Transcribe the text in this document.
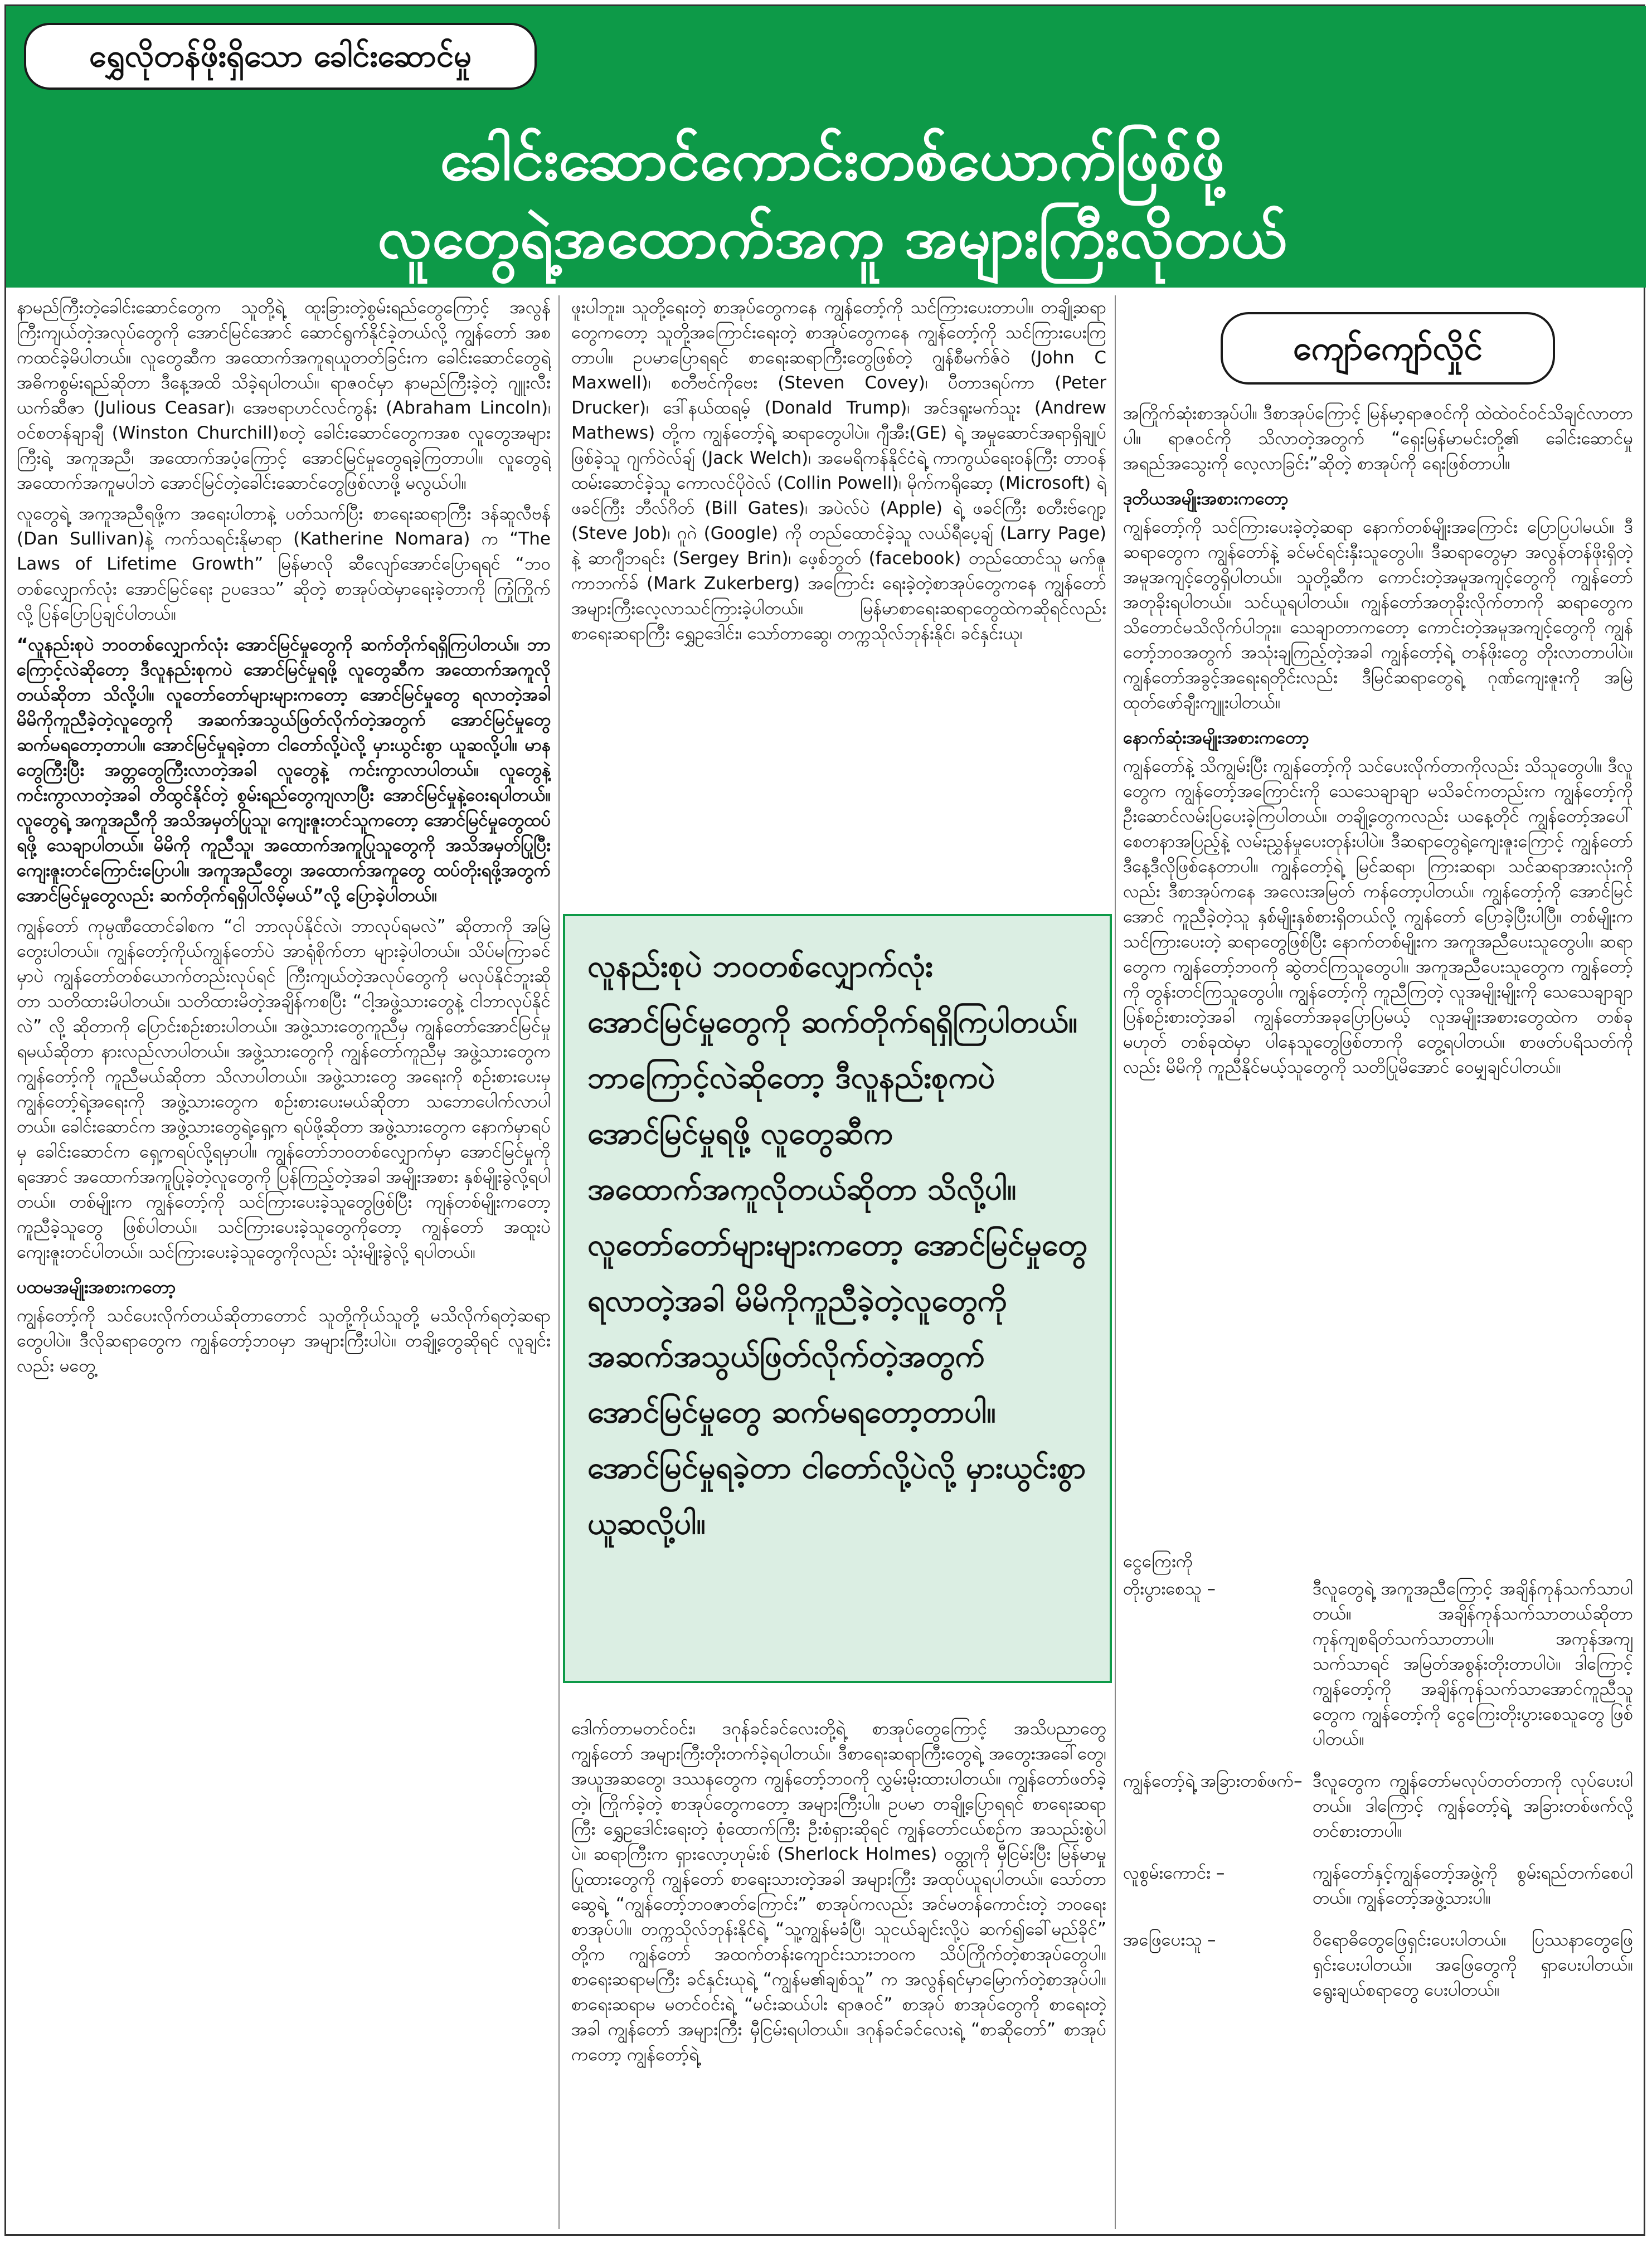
ရွှေလိုတန်ဖိုးရှိသော ခေါင်းဆောင်မှု
ခေါင်းဆောင်ကောင်းတစ်ယောက်ဖြစ်ဖို့
လူတွေရဲ့အထောက်အကူ အများကြီးလိုတယ်

နာမည်ကြီးတဲ့ခေါင်းဆောင်တွေက သူတို့ရဲ့ ထူးခြားတဲ့စွမ်းရည်တွေကြောင့် အလွန်ကြီးကျယ်တဲ့အလုပ်တွေကို အောင်မြင်အောင် ဆောင်ရွက်နိုင်ခဲ့တယ်လို့ ကျွန်တော် အစကထင်ခဲ့မိပါတယ်။ လူတွေဆီက အထောက်အကူရယူတတ်ခြင်းက ခေါင်းဆောင်တွေရဲ့ အဓိကစွမ်းရည်ဆိုတာ ဒီနေ့အထိ သိခဲ့ရပါတယ်။ ရာဇဝင်မှာ နာမည်ကြီးခဲ့တဲ့ ဂျူးလီးယက်ဆီဇာ (Julious Ceasar)၊ အေဗရာဟင်လင်ကွန်း (Abraham Lincoln)၊ ဝင်စတန်ချာချီ (Winston Churchill)စတဲ့ ခေါင်းဆောင်တွေကအစ လူတွေအများကြီးရဲ့ အကူအညီ၊ အထောက်အပံ့ကြောင့် အောင်မြင်မှုတွေရခဲ့ကြတာပါ။ လူတွေရဲ့ အထောက်အကူမပါဘဲ အောင်မြင်တဲ့ခေါင်းဆောင်တွေဖြစ်လာဖို့ မလွယ်ပါ။

လူတွေရဲ့ အကူအညီရဖို့က အရေးပါတာနဲ့ ပတ်သက်ပြီး စာရေးဆရာကြီး ဒန်ဆူလီဗန် (Dan Sullivan)နဲ့ ကက်သရင်းနိုမာရာ (Katherine Nomara) က “The Laws of Lifetime Growth” မြန်မာလို ဆီလျော်အောင်ပြောရရင် “ဘဝတစ်လျှောက်လုံး အောင်မြင်ရေး ဥပဒေသ” ဆိုတဲ့ စာအုပ်ထဲမှာရေးခဲ့တာကို ကြုံကြိုက်လို့ ပြန်ပြောပြချင်ပါတယ်။

“လူနည်းစုပဲ ဘဝတစ်လျှောက်လုံး အောင်မြင်မှုတွေကို ဆက်တိုက်ရရှိကြပါတယ်။ ဘာကြောင့်လဲဆိုတော့ ဒီလူနည်းစုကပဲ အောင်မြင်မှုရဖို့ လူတွေဆီက အထောက်အကူလိုတယ်ဆိုတာ သိလို့ပါ။ လူတော်တော်များများကတော့ အောင်မြင်မှုတွေ ရလာတဲ့အခါ မိမိကိုကူညီခဲ့တဲ့လူတွေကို အဆက်အသွယ်ဖြတ်လိုက်တဲ့အတွက် အောင်မြင်မှုတွေ ဆက်မရတော့တာပါ။ အောင်မြင်မှုရခဲ့တာ ငါတော်လို့ပဲလို့ မှားယွင်းစွာ ယူဆလို့ပါ။ မာနတွေကြီးပြီး အတ္တတွေကြီးလာတဲ့အခါ လူတွေနဲ့ ကင်းကွာလာပါတယ်။ လူတွေနဲ့ ကင်းကွာလာတဲ့အခါ တိထွင်နိုင်တဲ့ စွမ်းရည်တွေကျလာပြီး အောင်မြင်မှုနဲ့ဝေးရပါတယ်။ လူတွေရဲ့ အကူအညီကို အသိအမှတ်ပြုသူ၊ ကျေးဇူးတင်သူကတော့ အောင်မြင်မှုတွေထပ်ရဖို့ သေချာပါတယ်။ မိမိကို ကူညီသူ၊ အထောက်အကူပြုသူတွေကို အသိအမှတ်ပြုပြီး ကျေးဇူးတင်ကြောင်းပြောပါ။ အကူအညီတွေ၊ အထောက်အကူတွေ ထပ်တိုးရဖို့အတွက် အောင်မြင်မှုတွေလည်း ဆက်တိုက်ရရှိပါလိမ့်မယ်”လို့ ပြောခဲ့ပါတယ်။

ကျွန်တော် ကုမ္ပဏီထောင်ခါစက “ငါ ဘာလုပ်နိုင်လဲ၊ ဘာလုပ်ရမလဲ” ဆိုတာကို အမြဲတွေးပါတယ်။ ကျွန်တော့်ကိုယ်ကျွန်တော်ပဲ အာရုံစိုက်တာ များခဲ့ပါတယ်။ သိပ်မကြာခင်မှာပဲ ကျွန်တော်တစ်ယောက်တည်းလုပ်ရင် ကြီးကျယ်တဲ့အလုပ်တွေကို မလုပ်နိုင်ဘူးဆိုတာ သတိထားမိပါတယ်။ သတိထားမိတဲ့အချိန်ကစပြီး “ငါ့အဖွဲ့သားတွေနဲ့ ငါဘာလုပ်နိုင်လဲ” လို့ ဆိုတာကို ပြောင်းစဉ်းစားပါတယ်။ အဖွဲ့သားတွေကူညီမှ ကျွန်တော်အောင်မြင်မှုရမယ်ဆိုတာ နားလည်လာပါတယ်။ အဖွဲ့သားတွေကို ကျွန်တော်ကူညီမှ အဖွဲ့သားတွေက ကျွန်တော့်ကို ကူညီမယ်ဆိုတာ သိလာပါတယ်။ အဖွဲ့သားတွေ အရေးကို စဉ်းစားပေးမှ ကျွန်တော့်ရဲ့အရေးကို အဖွဲ့သားတွေက စဉ်းစားပေးမယ်ဆိုတာ သဘောပေါက်လာပါတယ်။ ခေါင်းဆောင်က အဖွဲ့သားတွေရဲ့ရှေ့က ရပ်ဖို့ဆိုတာ အဖွဲ့သားတွေက နောက်မှာရပ်မှ ခေါင်းဆောင်က ရှေ့ကရပ်လို့ရမှာပါ။ ကျွန်တော်ဘဝတစ်လျှောက်မှာ အောင်မြင်မှုကိုရအောင် အထောက်အကူပြုခဲ့တဲ့လူတွေကို ပြန်ကြည့်တဲ့အခါ အမျိုးအစား နှစ်မျိုးခွဲလို့ရပါတယ်။ တစ်မျိုးက ကျွန်တော့်ကို သင်ကြားပေးခဲ့သူတွေဖြစ်ပြီး ကျန်တစ်မျိုးကတော့ ကူညီခဲ့သူတွေ ဖြစ်ပါတယ်။ သင်ကြားပေးခဲ့သူတွေကိုတော့ ကျွန်တော် အထူးပဲကျေးဇူးတင်ပါတယ်။ သင်ကြားပေးခဲ့သူတွေကိုလည်း သုံးမျိုးခွဲလို့ ရပါတယ်။

ပထမအမျိုးအစားကတော့

ကျွန်တော့်ကို သင်ပေးလိုက်တယ်ဆိုတာတောင် သူတို့ကိုယ်သူတို့ မသိလိုက်ရတဲ့ဆရာတွေပါပဲ။ ဒီလိုဆရာတွေက ကျွန်တော့်ဘဝမှာ အများကြီးပါပဲ။ တချို့တွေဆိုရင် လူချင်းလည်း မတွေ့

ဖူးပါဘူး။ သူတို့ရေးတဲ့ စာအုပ်တွေကနေ ကျွန်တော့်ကို သင်ကြားပေးတာပါ။ တချို့ဆရာတွေကတော့ သူတို့အကြောင်းရေးတဲ့ စာအုပ်တွေကနေ ကျွန်တော့်ကို သင်ကြားပေးကြတာပါ။ ဥပမာပြောရရင် စာရေးဆရာကြီးတွေဖြစ်တဲ့ ဂျွန်စီမက်ဇ်ဝဲ (John C Maxwell)၊ စတီဗင်ကိုဗေး (Steven Covey)၊ ပီတာဒရပ်ကာ (Peter Drucker)၊ ဒေါ်နယ်ထရမ့် (Donald Trump)၊ အင်ဒရူးမက်သူး (Andrew Mathews) တို့က ကျွန်တော့်ရဲ့ ဆရာတွေပါပဲ။ ဂျီအီး(GE) ရဲ့ အမှုဆောင်အရာရှိချုပ်ဖြစ်ခဲ့သူ ဂျက်ဝဲလ်ချ် (Jack Welch)၊ အမေရိကန်နိုင်ငံရဲ့ ကာကွယ်ရေးဝန်ကြီး တာဝန်ထမ်းဆောင်ခဲ့သူ ကောလင်ပိုဝဲလ် (Collin Powell)၊ မိုက်ကရိုဆော့ (Microsoft) ရဲ့ ဖခင်ကြီး ဘီလ်ဂိတ် (Bill Gates)၊ အပဲလ်ပဲ (Apple) ရဲ့ ဖခင်ကြီး စတီးဗ်ဂျော့ (Steve Job)၊ ဂူဂဲ (Google) ကို တည်ထောင်ခဲ့သူ လယ်ရီပေ့ချ် (Larry Page) နဲ့ ဆာဂျီဘရင်း (Sergey Brin)၊ ဖေ့စ်ဘွတ် (facebook) တည်ထောင်သူ မက်ဇူကာဘက်ခ် (Mark Zukerberg) အကြောင်း ရေးခဲ့တဲ့စာအုပ်တွေကနေ ကျွန်တော် အများကြီးလေ့လာသင်ကြားခဲ့ပါတယ်။ မြန်မာစာရေးဆရာတွေထဲကဆိုရင်လည်း စာရေးဆရာကြီး ရွှေဥဒေါင်း၊ သော်တာဆွေ၊ တက္ကသိုလ်ဘုန်းနိုင်၊ ခင်နှင်းယု၊

လူနည်းစုပဲ ဘဝတစ်လျှောက်လုံး
အောင်မြင်မှုတွေကို ဆက်တိုက်ရရှိကြပါတယ်။
ဘာကြောင့်လဲဆိုတော့ ဒီလူနည်းစုကပဲ
အောင်မြင်မှုရဖို့ လူတွေဆီက
အထောက်အကူလိုတယ်ဆိုတာ သိလို့ပါ။
လူတော်တော်များများကတော့ အောင်မြင်မှုတွေ
ရလာတဲ့အခါ မိမိကိုကူညီခဲ့တဲ့လူတွေကို
အဆက်အသွယ်ဖြတ်လိုက်တဲ့အတွက်
အောင်မြင်မှုတွေ ဆက်မရတော့တာပါ။
အောင်မြင်မှုရခဲ့တာ ငါတော်လို့ပဲလို့ မှားယွင်းစွာ
ယူဆလို့ပါ။

ဒေါက်တာမတင်ဝင်း၊ ဒဂုန်ခင်ခင်လေးတို့ရဲ့ စာအုပ်တွေကြောင့် အသိပညာတွေ ကျွန်တော် အများကြီးတိုးတက်ခဲ့ရပါတယ်။ ဒီစာရေးဆရာကြီးတွေရဲ့ အတွေးအခေါ်တွေ၊ အယူအဆတွေ၊ ဒဿနတွေက ကျွန်တော့်ဘဝကို လွှမ်းမိုးထားပါတယ်။ ကျွန်တော်ဖတ်ခဲ့တဲ့၊ ကြိုက်ခဲ့တဲ့ စာအုပ်တွေကတော့ အများကြီးပါ။ ဥပမာ တချို့ပြောရရင် စာရေးဆရာကြီး ရွှေဥဒေါင်းရေးတဲ့ စုံထောက်ကြီး ဦးစံရှားဆိုရင် ကျွန်တော်ငယ်စဉ်က အသည်းစွဲပါပဲ။ ဆရာကြီးက ရှားလော့ဟုမ်းစ် (Sherlock Holmes) ဝတ္ထုကို မှီငြမ်းပြီး မြန်မာမှုပြုထားတွေကို ကျွန်တော် စာရေးသားတဲ့အခါ အများကြီး အထုပ်ယူရပါတယ်။ သော်တာဆွေရဲ့ “ကျွန်တော့်ဘဝဇာတ်ကြောင်း” စာအုပ်ကလည်း အင်မတန်ကောင်းတဲ့ ဘဝရေးစာအုပ်ပါ။ တက္ကသိုလ်ဘုန်းနိုင်ရဲ့ “သူ့ကျွန်မခံပြီ၊ သူငယ်ချင်းလို့ပဲ ဆက်၍ခေါ်မည်ခိုင်” တို့က ကျွန်တော် အထက်တန်းကျောင်းသားဘဝက သိပ်ကြိုက်တဲ့စာအုပ်တွေပါ။ စာရေးဆရာမကြီး ခင်နှင်းယုရဲ့ “ကျွန်မ၏ချစ်သူ” က အလွန်ရင်မှာမြောက်တဲ့စာအုပ်ပါ။ စာရေးဆရာမ မတင်ဝင်းရဲ့ “မင်းဆယ်ပါး ရာဇဝင်” စာအုပ် စာအုပ်တွေကို စာရေးတဲ့အခါ ကျွန်တော် အများကြီး မှီငြမ်းရပါတယ်။ ဒဂုန်ခင်ခင်လေးရဲ့ “စာဆိုတော်” စာအုပ်ကတော့ ကျွန်တော့်ရဲ့

ကျော်ကျော်လှိုင်

အကြိုက်ဆုံးစာအုပ်ပါ။ ဒီစာအုပ်ကြောင့် မြန်မာ့ရာဇဝင်ကို ထဲထဲဝင်ဝင်သိချင်လာတာပါ။ ရာဇဝင်ကို သိလာတဲ့အတွက် “ရှေးမြန်မာမင်းတို့၏ ခေါင်းဆောင်မှုအရည်အသွေးကို လေ့လာခြင်း”ဆိုတဲ့ စာအုပ်ကို ရေးဖြစ်တာပါ။

ဒုတိယအမျိုးအစားကတော့

ကျွန်တော့်ကို သင်ကြားပေးခဲ့တဲ့ဆရာ နောက်တစ်မျိုးအကြောင်း ပြောပြပါမယ်။ ဒီဆရာတွေက ကျွန်တော်နဲ့ ခင်မင်ရင်းနှီးသူတွေပါ။ ဒီဆရာတွေမှာ အလွန်တန်ဖိုးရှိတဲ့ အမူအကျင့်တွေရှိပါတယ်။ သူတို့ဆီက ကောင်းတဲ့အမူအကျင့်တွေကို ကျွန်တော်အတုခိုးရပါတယ်။ သင်ယူရပါတယ်။ ကျွန်တော်အတုခိုးလိုက်တာကို ဆရာတွေက သိတောင်မသိလိုက်ပါဘူး။ သေချာတာကတော့ ကောင်းတဲ့အမူအကျင့်တွေကို ကျွန်တော့်ဘဝအတွက် အသုံးချကြည့်တဲ့အခါ ကျွန်တော့်ရဲ့ တန်ဖိုးတွေ တိုးလာတာပါပဲ။ ကျွန်တော်အခွင့်အရေးရတိုင်းလည်း ဒီမြင်ဆရာတွေရဲ့ ဂုဏ်ကျေးဇူးကို အမြဲထုတ်ဖော်ချီးကျူးပါတယ်။

နောက်ဆုံးအမျိုးအစားကတော့

ကျွန်တော်နဲ့ သိကျွမ်းပြီး ကျွန်တော့်ကို သင်ပေးလိုက်တာကိုလည်း သိသူတွေပါ။ ဒီလူတွေက ကျွန်တော့်အကြောင်းကို သေသေချာချာ မသိခင်ကတည်းက ကျွန်တော့်ကို ဦးဆောင်လမ်းပြပေးခဲ့ကြပါတယ်။ တချို့တွေကလည်း ယနေ့တိုင် ကျွန်တော့်အပေါ် စေတနာအပြည့်နဲ့ လမ်းညွှန်မှုပေးတုန်းပါပဲ။ ဒီဆရာတွေရဲ့ကျေးဇူးကြောင့် ကျွန်တော် ဒီနေ့ဒီလိုဖြစ်နေတာပါ။ ကျွန်တော့်ရဲ့ မြင်ဆရာ၊ ကြားဆရာ၊ သင်ဆရာအားလုံးကိုလည်း ဒီစာအုပ်ကနေ အလေးအမြတ် ကန်တော့ပါတယ်။ ကျွန်တော့်ကို အောင်မြင်အောင် ကူညီခဲ့တဲ့သူ နှစ်မျိုးနှစ်စားရှိတယ်လို့ ကျွန်တော် ပြောခဲ့ပြီးပါပြီ။ တစ်မျိုးက သင်ကြားပေးတဲ့ ဆရာတွေဖြစ်ပြီး နောက်တစ်မျိုးက အကူအညီပေးသူတွေပါ။ ဆရာတွေက ကျွန်တော့်ဘဝကို ဆွဲတင်ကြသူတွေပါ။ အကူအညီပေးသူတွေက ကျွန်တော့်ကို တွန်းတင်ကြသူတွေပါ။ ကျွန်တော့်ကို ကူညီကြတဲ့ လူအမျိုးမျိုးကို သေသေချာချာပြန်စဉ်းစားတဲ့အခါ ကျွန်တော်အခုပြောပြမယ့် လူအမျိုးအစားတွေထဲက တစ်ခုမဟုတ် တစ်ခုထဲမှာ ပါနေသူတွေဖြစ်တာကို တွေ့ရပါတယ်။ စာဖတ်ပရိသတ်ကိုလည်း မိမိကို ကူညီနိုင်မယ့်သူတွေကို သတိပြုမိအောင် ဝေမျှချင်ပါတယ်။

ငွေကြေးကို
တိုးပွားစေသူ –	ဒီလူတွေရဲ့ အကူအညီကြောင့် အချိန်ကုန်သက်သာပါတယ်။ အချိန်ကုန်သက်သာတယ်ဆိုတာ ကုန်ကျစရိတ်သက်သာတာပါ။ အကုန်အကျသက်သာရင် အမြတ်အစွန်းတိုးတာပါပဲ။ ဒါကြောင့် ကျွန်တော့်ကို အချိန်ကုန်သက်သာအောင်ကူညီသူတွေက ကျွန်တော့်ကို ငွေကြေးတိုးပွားစေသူတွေ ဖြစ်ပါတယ်။
ကျွန်တော့်ရဲ့ အခြားတစ်ဖက်– ဒီလူတွေက ကျွန်တော်မလုပ်တတ်တာကို လုပ်ပေးပါတယ်။ ဒါကြောင့် ကျွန်တော့်ရဲ့ အခြားတစ်ဖက်လို့ တင်စားတာပါ။
လူစွမ်းကောင်း –	ကျွန်တော်နှင့်ကျွန်တော့်အဖွဲ့ကို စွမ်းရည်တက်စေပါတယ်။ ကျွန်တော့်အဖွဲ့သားပါ။
အဖြေပေးသူ –	ဝိရောဓိတွေဖြေရှင်းပေးပါတယ်။ ပြဿနာတွေဖြေရှင်းပေးပါတယ်။ အဖြေတွေကို ရှာပေးပါတယ်။ ရွေးချယ်စရာတွေ ပေးပါတယ်။
